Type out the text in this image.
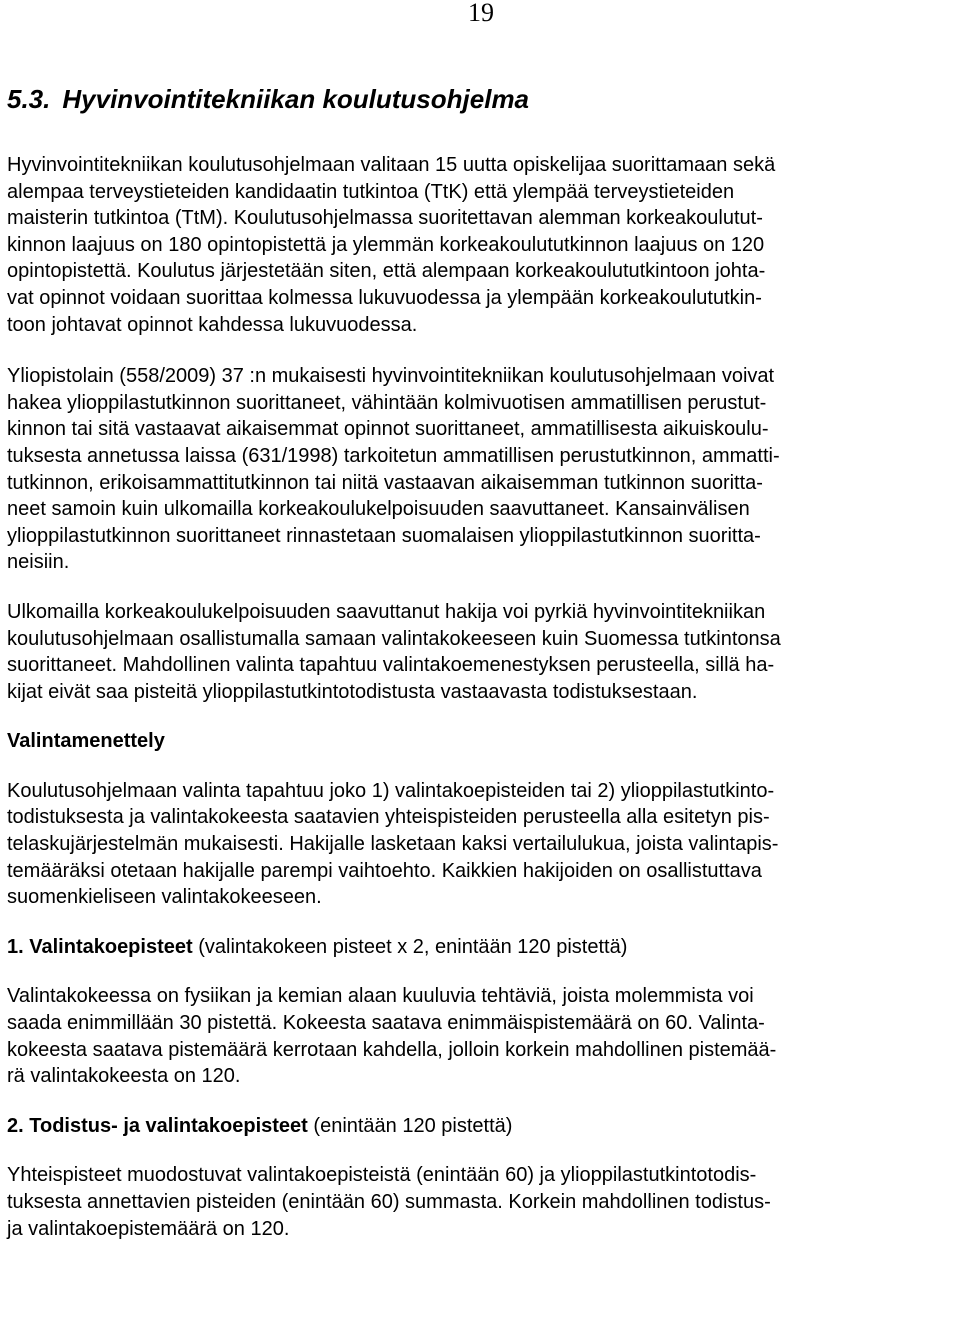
19
5.3. Hyvinvointitekniikan koulutusohjelma
Hyvinvointitekniikan koulutusohjelmaan valitaan 15 uutta opiskelijaa suorittamaan sekä
alempaa terveystieteiden kandidaatin tutkintoa (TtK) että ylempää terveystieteiden
maisterin tutkintoa (TtM). Koulutusohjelmassa suoritettavan alemman korkeakoulutut-
kinnon laajuus on 180 opintopistettä ja ylemmän korkeakoulututkinnon laajuus on 120
opintopistettä. Koulutus järjestetään siten, että alempaan korkeakoulututkintoon johta-
vat opinnot voidaan suorittaa kolmessa lukuvuodessa ja ylempään korkeakoulututkin-
toon johtavat opinnot kahdessa lukuvuodessa.
Yliopistolain (558/2009) 37 :n mukaisesti hyvinvointitekniikan koulutusohjelmaan voivat
hakea ylioppilastutkinnon suorittaneet, vähintään kolmivuotisen ammatillisen perustut-
kinnon tai sitä vastaavat aikaisemmat opinnot suorittaneet, ammatillisesta aikuiskoulu-
tuksesta annetussa laissa (631/1998) tarkoitetun ammatillisen perustutkinnon, ammatti-
tutkinnon, erikoisammattitutkinnon tai niitä vastaavan aikaisemman tutkinnon suoritta-
neet samoin kuin ulkomailla korkeakoulukelpoisuuden saavuttaneet. Kansainvälisen
ylioppilastutkinnon suorittaneet rinnastetaan suomalaisen ylioppilastutkinnon suoritta-
neisiin.
Ulkomailla korkeakoulukelpoisuuden saavuttanut hakija voi pyrkiä hyvinvointitekniikan
koulutusohjelmaan osallistumalla samaan valintakokeeseen kuin Suomessa tutkintonsa
suorittaneet. Mahdollinen valinta tapahtuu valintakoemenestyksen perusteella, sillä ha-
kijat eivät saa pisteitä ylioppilastutkintotodistusta vastaavasta todistuksestaan.
Valintamenettely
Koulutusohjelmaan valinta tapahtuu joko 1) valintakoepisteiden tai 2) ylioppilastutkinto-
todistuksesta ja valintakokeesta saatavien yhteispisteiden perusteella alla esitetyn pis-
telaskujärjestelmän mukaisesti. Hakijalle lasketaan kaksi vertailulukua, joista valintapis-
temääräksi otetaan hakijalle parempi vaihtoehto. Kaikkien hakijoiden on osallistuttava
suomenkieliseen valintakokeeseen.
1. Valintakoepisteet (valintakokeen pisteet x 2, enintään 120 pistettä)
Valintakokeessa on fysiikan ja kemian alaan kuuluvia tehtäviä, joista molemmista voi
saada enimmillään 30 pistettä. Kokeesta saatava enimmäispistemäärä on 60. Valinta-
kokeesta saatava pistemäärä kerrotaan kahdella, jolloin korkein mahdollinen pistemää-
rä valintakokeesta on 120.
2. Todistus- ja valintakoepisteet (enintään 120 pistettä)
Yhteispisteet muodostuvat valintakoepisteistä (enintään 60) ja ylioppilastutkintotodis-
tuksesta annettavien pisteiden (enintään 60) summasta. Korkein mahdollinen todistus-
ja valintakoepistemäärä on 120.
